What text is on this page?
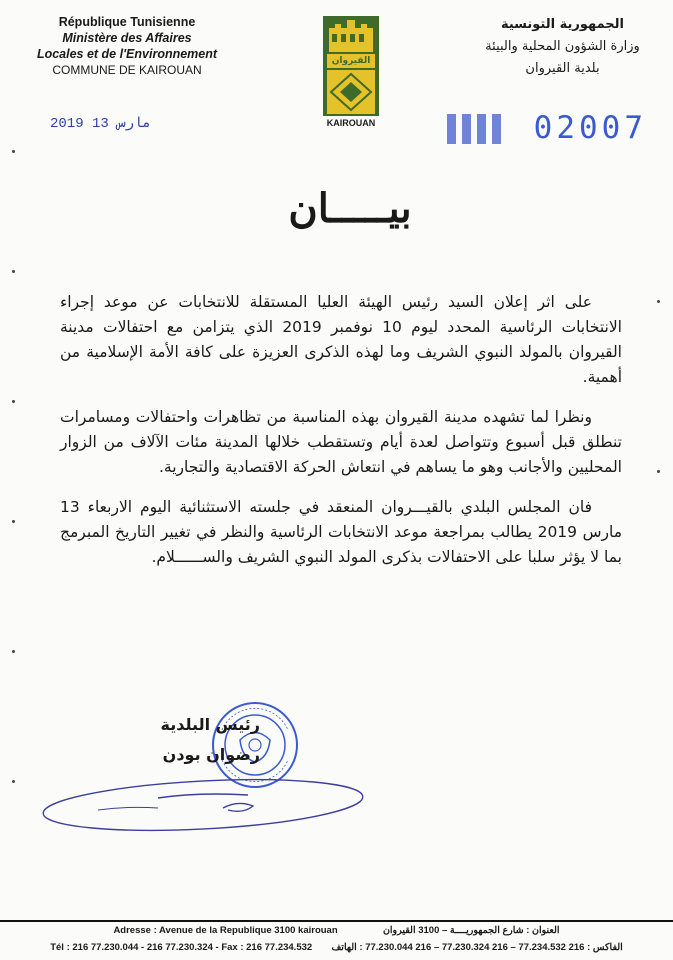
République Tunisienne
Ministère des Affaires
Locales et de l'Environnement
COMMUNE DE KAIROUAN
الجمهورية التونسية
وزارة الشؤون المحلية والبيئة
بلدية القيروان
القيروان
KAIROUAN
2019 مارس 13	02007
بيـــــان

على اثر إعلان السيد رئيس الهيئة العليا المستقلة للانتخابات عن موعد إجراء الانتخابات الرئاسية المحدد ليوم 10 نوفمبر 2019 الذي يتزامن مع احتفالات مدينة القيروان بالمولد النبوي الشريف وما لهذه الذكرى العزيزة على كافة الأمة الإسلامية من أهمية.

ونظرا لما تشهده مدينة القيروان بهذه المناسبة من تظاهرات واحتفالات ومسامرات تنطلق قبل أسبوع وتتواصل لعدة أيام وتستقطب خلالها المدينة مئات الآلاف من الزوار المحليين والأجانب وهو ما يساهم في انتعاش الحركة الاقتصادية والتجارية.

فان المجلس البلدي بالقيـــروان المنعقد في جلسته الاستثنائية اليوم الاربعاء 13 مارس 2019 يطالب بمراجعة موعد الانتخابات الرئاسية والنظر في تغيير التاريخ المبرمج بما لا يؤثر سلبا على الاحتفالات بذكرى المولد النبوي الشريف والســــــلام.

رئيس البلدية
رضوان بودن
Adresse : Avenue de la Republique 3100 kairouan	العنوان : شارع الجمهوريــــة – 3100 القيروان
Tél : 216 77.230.044 - 216 77.230.324 - Fax : 216 77.234.532 الفاكس : 216 77.234.532 – 216 77.230.324 – 216 77.230.044 : الهاتف
